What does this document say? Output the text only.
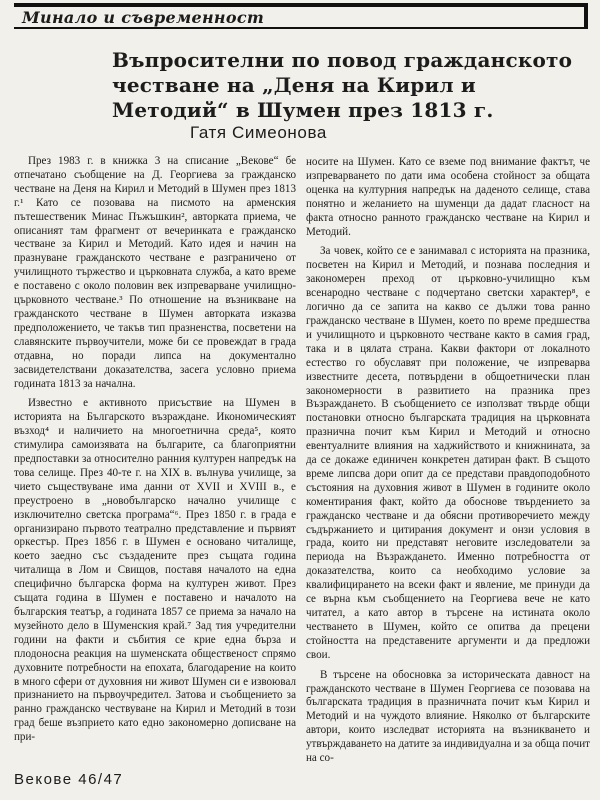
Минало и съвременност
Въпросителни по повод гражданското честване на „Деня на Кирил и Методий“ в Шумен през 1813 г.

Гатя Симеонова

През 1983 г. в книжка 3 на списание „Векове“ бе отпечатано съобщение на Д. Георгиева за гражданско честване на Деня на Кирил и Методий в Шумен през 1813 г.¹ Като се позовава на писмото на арменския пътешественик Минас Пъжъшкин², авторката приема, че описаният там фрагмент от вечеринката е гражданско честване за Кирил и Методий. Като идея и начин на празнуване гражданското честване е разграничено от училищното тържество и църковната служба, а като време е поставено с около половин век изпреварване училищно-църковното честване.³ По отношение на възникване на гражданското честване в Шумен авторката изказва предположението, че такъв тип празненства, посветени на славянските първоучители, може би се провеждат в града отдавна, но поради липса на документално засвидетелствани доказателства, засега условно приема годината 1813 за начална.

Известно е активното присъствие на Шумен в историята на Българското възраждане. Икономическият възход⁴ и наличието на многоетнична среда⁵, която стимулира самоизявата на българите, са благоприятни предпоставки за относително ранния културен напредък на това селище. През 40-те г. на XIX в. вълнува училище, за чието съществуване има данни от XVII и XVIII в., е преустроено в „новобългарско начално училище с изключително светска програма“⁶. През 1850 г. в града е организирано първото театрално представление и първият оркестър. През 1856 г. в Шумен е основано читалище, което заедно със създадените през същата година читалища в Лом и Свищов, поставя началото на една специфично българска форма на културен живот. През същата година в Шумен е поставено и началото на българския театър, а годината 1857 се приема за начало на музейното дело в Шуменския край.⁷ Зад тия учредителни години на факти и събития се крие една бърза и плодоносна реакция на шуменската общественост спрямо духовните потребности на епохата, благодарение на които в много сфери от духовния ни живот Шумен си е извоювал признанието на първоучредител. Затова и съобщението за ранно гражданско чествуване на Кирил и Методий в този град беше възприето като едно закономерно дописване на при-

носите на Шумен. Като се вземе под внимание фактът, че изпреварването по дати има особена стойност за общата оценка на културния напредък на даденото селище, става понятно и желанието на шуменци да дадат гласност на факта относно ранното гражданско честване на Кирил и Методий.

За човек, който се е занимавал с историята на празника, посветен на Кирил и Методий, и познава последния и закономерен преход от църковно-училищно към всенародно честване с подчертано светски характер⁸, е логично да се запита на какво се дължи това ранно гражданско честване в Шумен, което по време предшества и училищното и църковното честване както в самия град, така и в цялата страна. Какви фактори от локалното естество го обуславят при положение, че изпреварва известните десета, потвърдени в общоетнически план закономерности в развитието на празника през Възраждането. В съобщението се използват твърде общи постановки относно българската традиция на църковната празнична почит към Кирил и Методий и относно евентуалните влияния на хаджийството и книжнината, за да се докаже единичен конкретен датиран факт. В същото време липсва дори опит да се представи правдоподобното състояния на духовния живот в Шумен в годините около коментирания факт, който да обоснове твърдението за гражданско честване и да обясни противоречието между съдържанието и цитирания документ и онзи условия в града, които ни представят неговите изследователи за периода на Възраждането. Именно потребността от доказателства, които са необходимо условие за квалифицирането на всеки факт и явление, ме принуди да се върна към съобщението на Георгиева вече не като читател, а като автор в търсене на истината около честването в Шумен, който се опитва да прецени стойността на представените аргументи и да предложи свои.

В търсене на обосновка за историческата давност на гражданското честване в Шумен Георгиева се позовава на българската традиция в празничната почит към Кирил и Методий и на чуждото влияние. Няколко от българските автори, които изследват историята на възникването и утвърждаването на датите за индивидуална и за обща почит на со-

Векове 46/47
